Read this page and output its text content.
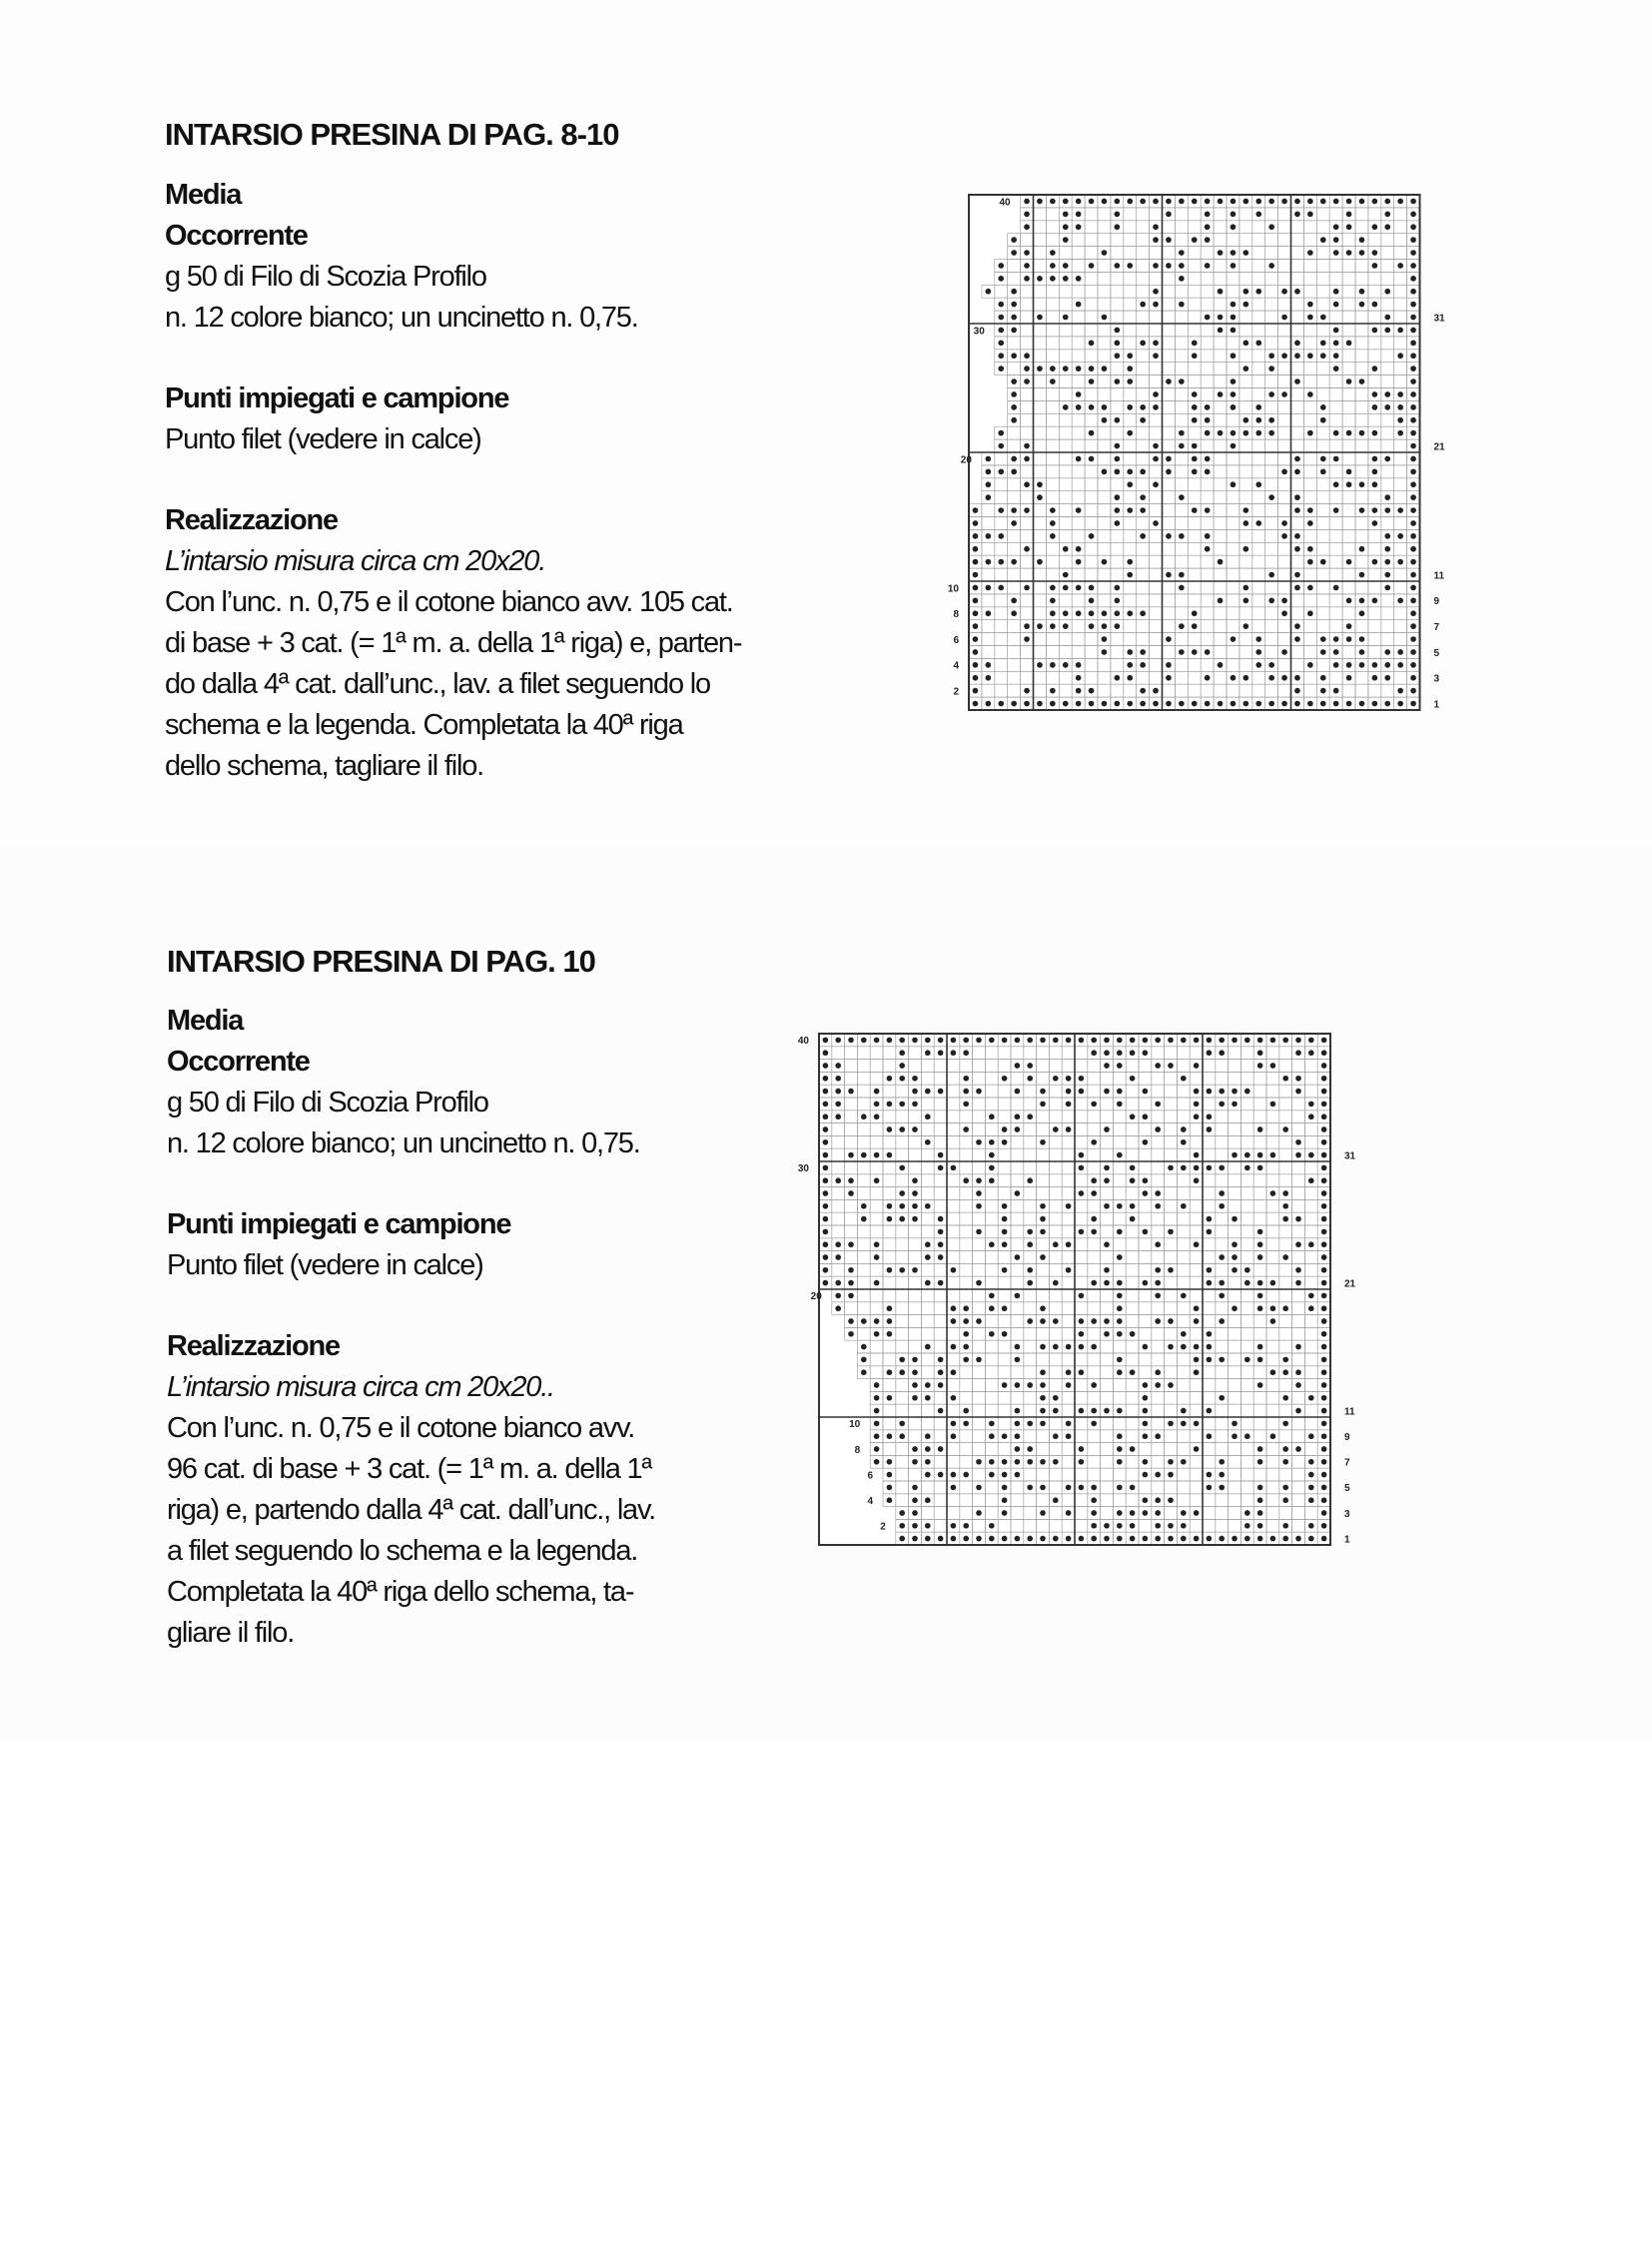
INTARSIO PRESINA DI PAG. 8-10
Media
Occorrente
g 50 di Filo di Scozia Profilo
n. 12 colore bianco; un uncinetto n. 0,75.
Punti impiegati e campione
Punto filet (vedere in calce)
Realizzazione
L’intarsio misura circa cm 20x20.
Con l’unc. n. 0,75 e il cotone bianco avv. 105 cat.
di base + 3 cat. (= 1ª m. a. della 1ª riga) e, parten-
do dalla 4ª cat. dall’unc., lav. a filet seguendo lo
schema e la legenda. Completata la 40ª riga
dello schema, tagliare il filo.
40
30
20
10
8
6
4
2
31
21
11
9
7
5
3
1
INTARSIO PRESINA DI PAG. 10
Media
Occorrente
g 50 di Filo di Scozia Profilo
n. 12 colore bianco; un uncinetto n. 0,75.
Punti impiegati e campione
Punto filet (vedere in calce)
Realizzazione
L’intarsio misura circa cm 20x20..
Con l’unc. n. 0,75 e il cotone bianco avv.
96 cat. di base + 3 cat. (= 1ª m. a. della 1ª
riga) e, partendo dalla 4ª cat. dall’unc., lav.
a filet seguendo lo schema e la legenda.
Completata la 40ª riga dello schema, ta-
gliare il filo.
40
30
20
10
8
6
4
2
31
21
11
9
7
5
3
1
